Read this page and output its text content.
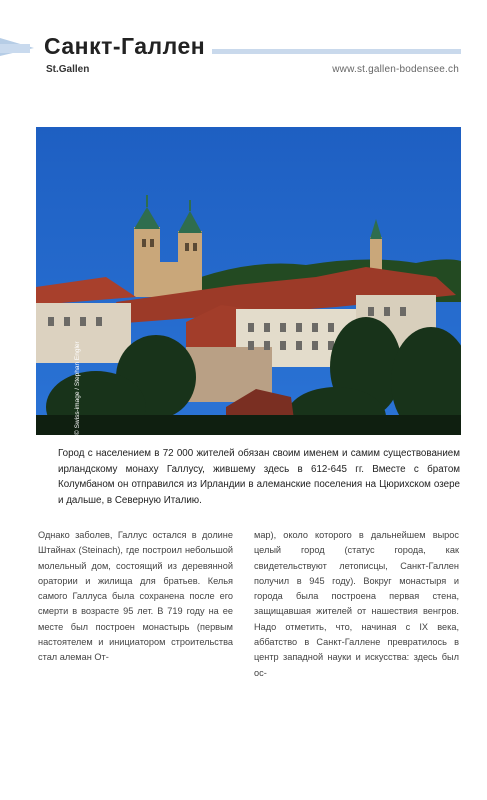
Санкт-Галлен
St.Gallen	www.st.gallen-bodensee.ch
© Swiss-image / Stephan Engler
Город с населением в 72 000 жителей обязан своим именем и самим существованием ирландскому монаху Галлусу, жившему здесь в 612-645 гг. Вместе с братом Колумбаном он отправился из Ирландии в алеманские поселения на Цюрихском озере и дальше, в Северную Италию.
Однако заболев, Галлус остался в долине Штайнах (Steinach), где построил небольшой молельный дом, состоящий из деревянной оратории и жилища для братьев. Келья самого Галлуса была сохранена после его смерти в возрасте 95 лет. В 719 году на ее месте был построен монастырь (первым настоятелем и инициатором строительства стал алеман От-
мар), около которого в дальнейшем вырос целый город (статус города, как свидетельствуют летописцы, Санкт-Галлен получил в 945 году). Вокруг монастыря и города была построена первая стена, защищавшая жителей от нашествия венгров. Надо отметить, что, начиная с IX века, аббатство в Санкт-Галлене превратилось в центр западной науки и искусства: здесь был ос-
